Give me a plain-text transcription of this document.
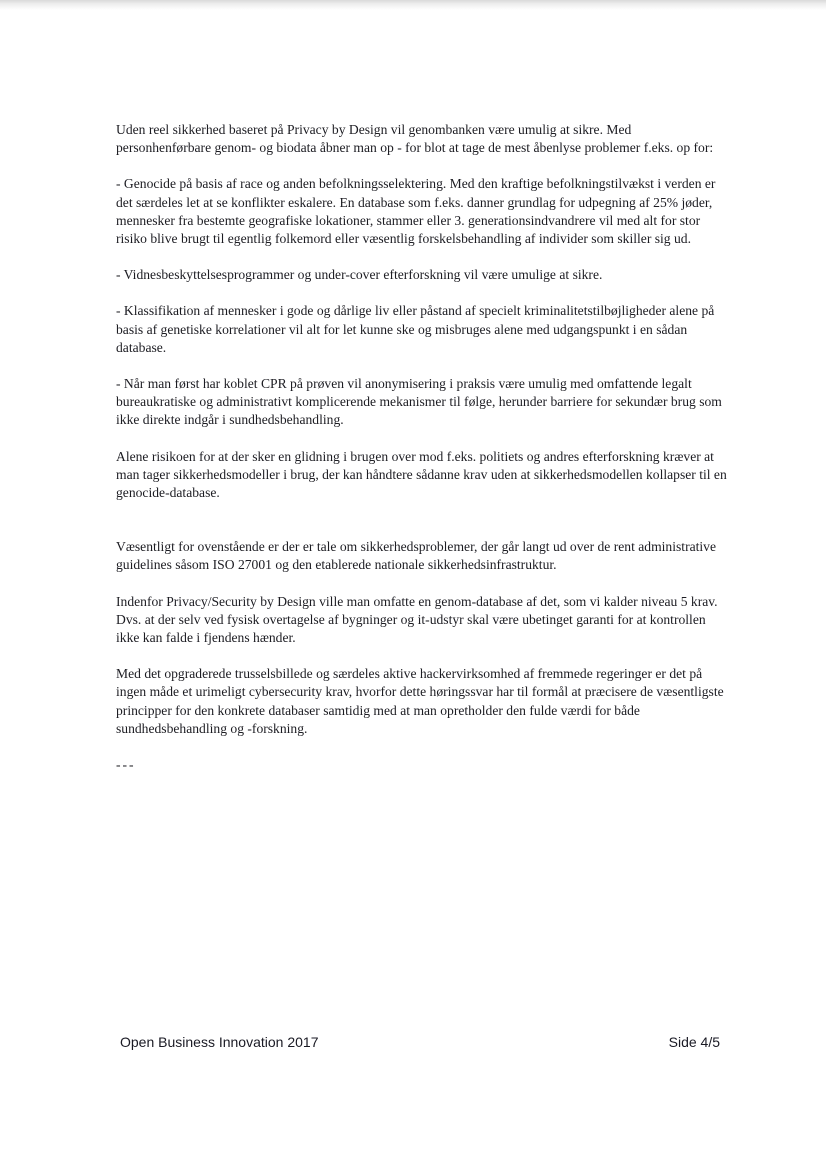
Uden reel sikkerhed baseret på Privacy by Design vil genombanken være umulig at sikre. Med personhenførbare genom- og biodata åbner man op - for blot at tage de mest åbenlyse problemer f.eks. op for:

- Genocide på basis af race og anden befolkningsselektering. Med den kraftige befolkningstilvækst i verden er det særdeles let at se konflikter eskalere. En database som f.eks. danner grundlag for udpegning af 25% jøder, mennesker fra bestemte geografiske lokationer, stammer eller 3. generationsindvandrere vil med alt for stor risiko blive brugt til egentlig folkemord eller væsentlig forskelsbehandling af individer som skiller sig ud.

- Vidnesbeskyttelsesprogrammer og under-cover efterforskning vil være umulige at sikre.

- Klassifikation af mennesker i gode og dårlige liv eller påstand af specielt kriminalitetstilbøjligheder alene på basis af genetiske korrelationer vil alt for let kunne ske og misbruges alene med udgangspunkt i en sådan database.

- Når man først har koblet CPR på prøven vil anonymisering i praksis være umulig med omfattende legalt bureaukratiske og administrativt komplicerende mekanismer til følge, herunder barriere for sekundær brug som ikke direkte indgår i sundhedsbehandling.

Alene risikoen for at der sker en glidning i brugen over mod f.eks. politiets og andres efterforskning kræver at man tager sikkerhedsmodeller i brug, der kan håndtere sådanne krav uden at sikkerhedsmodellen kollapser til en genocide-database.

Væsentligt for ovenstående er der er tale om sikkerhedsproblemer, der går langt ud over de rent administrative guidelines såsom ISO 27001 og den etablerede nationale sikkerhedsinfrastruktur.

Indenfor Privacy/Security by Design ville man omfatte en genom-database af det, som vi kalder niveau 5 krav. Dvs. at der selv ved fysisk overtagelse af bygninger og it-udstyr skal være ubetinget garanti for at kontrollen ikke kan falde i fjendens hænder.

Med det opgraderede trusselsbillede og særdeles aktive hackervirksomhed af fremmede regeringer er det på ingen måde et urimeligt cybersecurity krav, hvorfor dette høringssvar har til formål at præcisere de væsentligste principper for den konkrete databaser samtidig med at man opretholder den fulde værdi for både sundhedsbehandling og -forskning.

---

Open Business Innovation 2017	Side 4/5
